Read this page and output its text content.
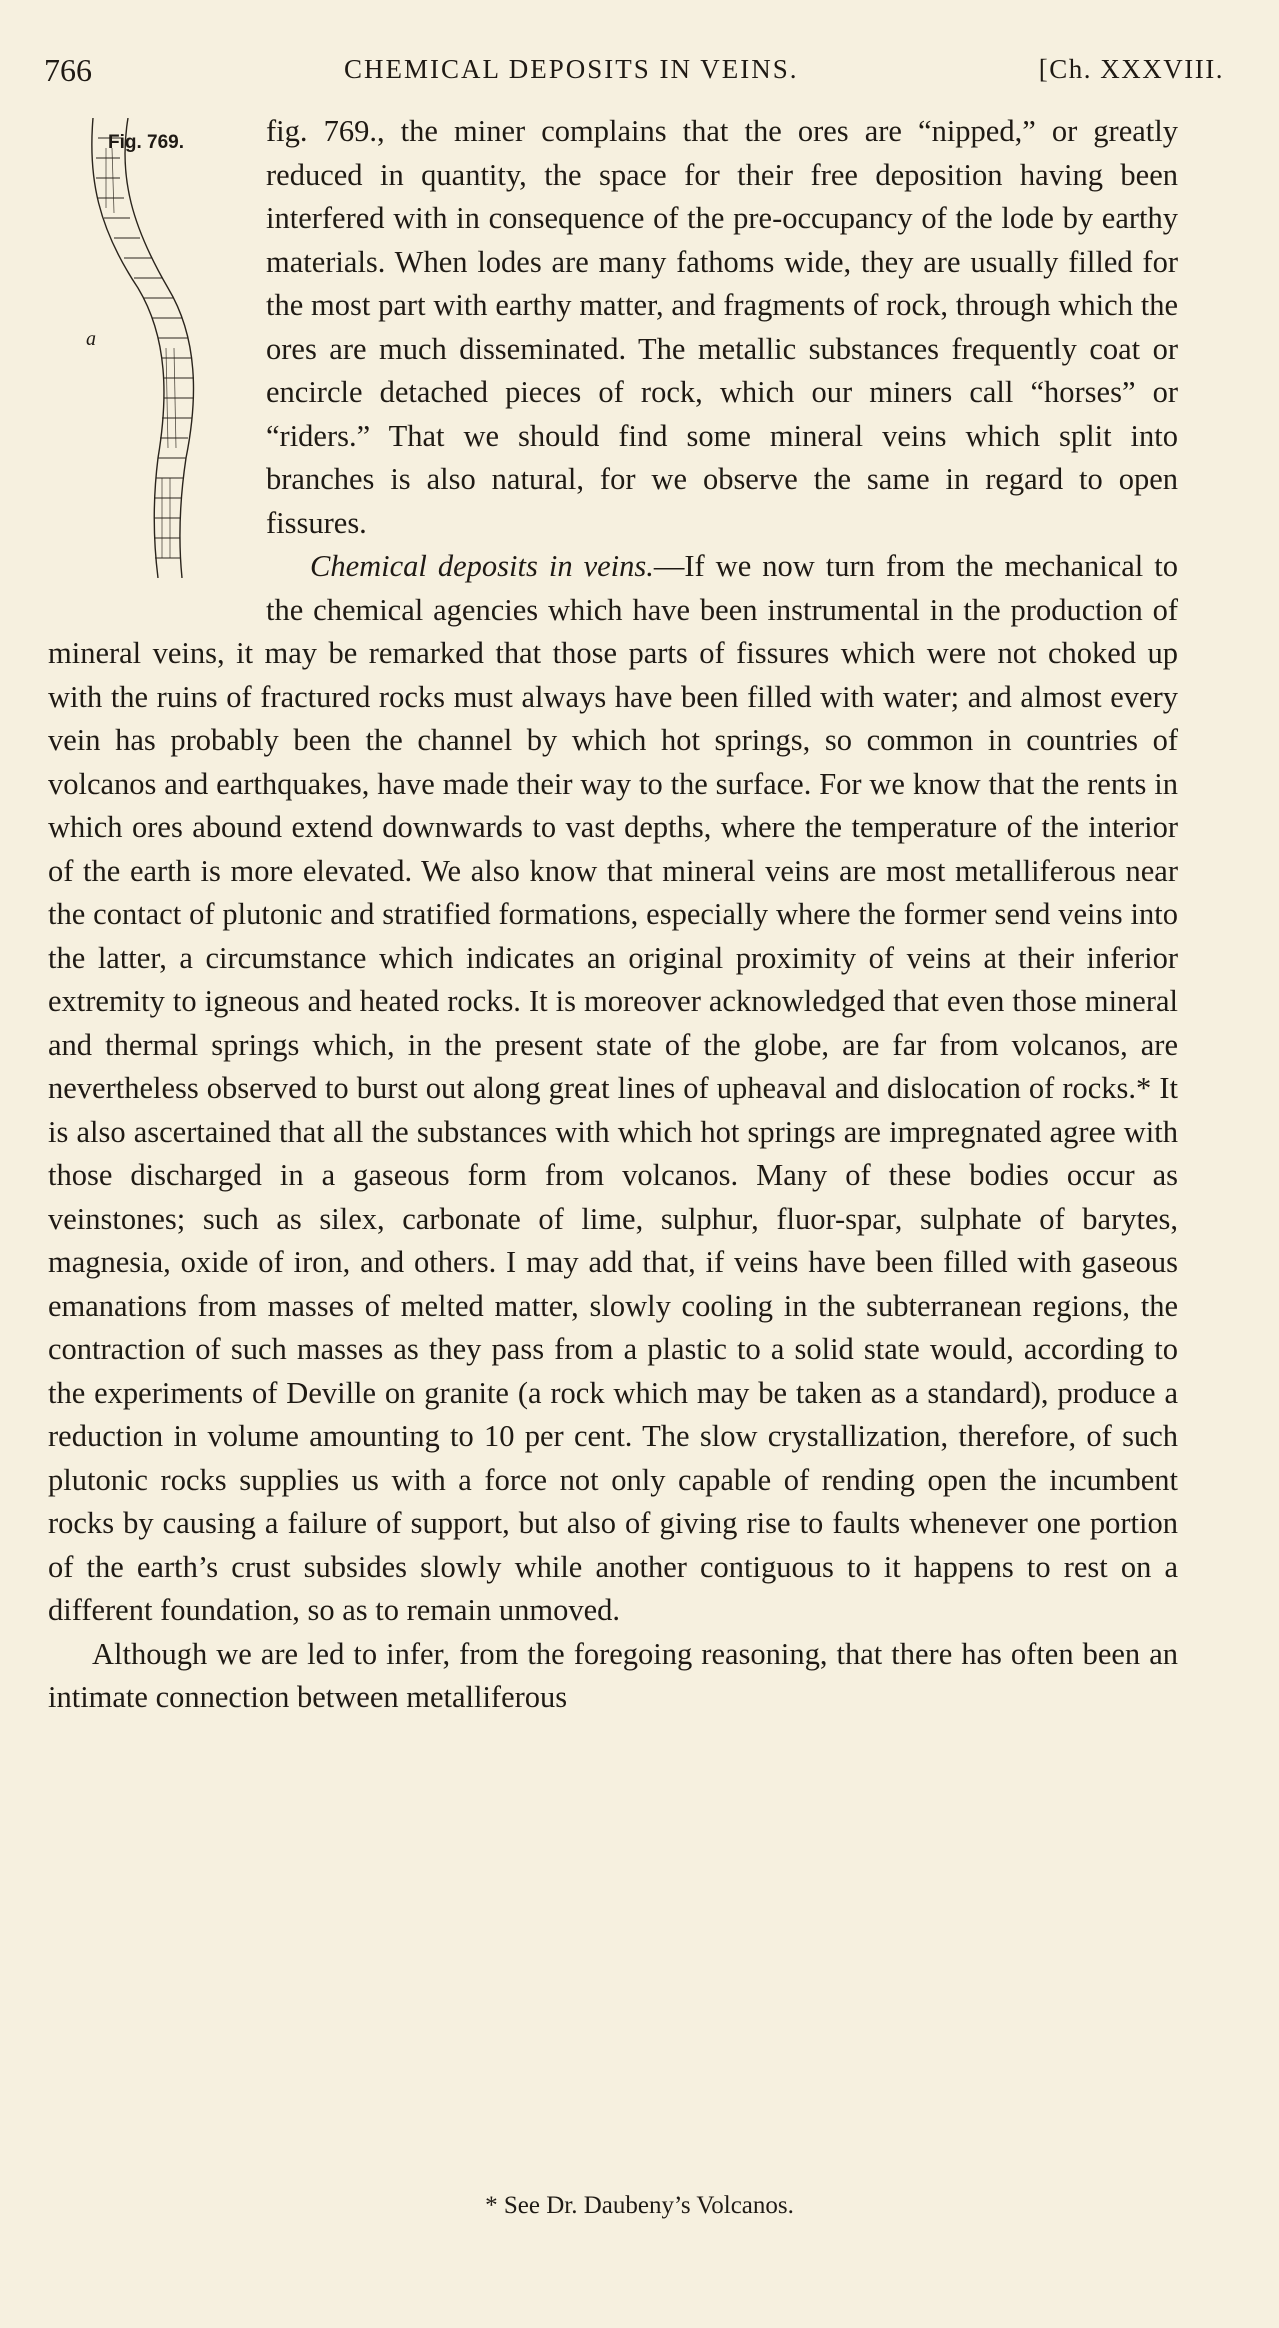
766	CHEMICAL DEPOSITS IN VEINS.	[Ch. XXXVIII.
Fig. 769.
a

fig. 769., the miner complains that the ores are “nipped,” or greatly reduced in quantity, the space for their free deposition having been interfered with in consequence of the pre-occupancy of the lode by earthy materials. When lodes are many fathoms wide, they are usually filled for the most part with earthy matter, and fragments of rock, through which the ores are much disseminated. The metallic substances frequently coat or encircle detached pieces of rock, which our miners call “horses” or “riders.” That we should find some mineral veins which split into branches is also natural, for we observe the same in regard to open fissures.

Chemical deposits in veins.—If we now turn from the mechanical to the chemical agencies which have been instrumental in the production of mineral veins, it may be remarked that those parts of fissures which were not choked up with the ruins of fractured rocks must always have been filled with water; and almost every vein has probably been the channel by which hot springs, so common in countries of volcanos and earthquakes, have made their way to the surface. For we know that the rents in which ores abound extend downwards to vast depths, where the temperature of the interior of the earth is more elevated. We also know that mineral veins are most metalliferous near the contact of plutonic and stratified formations, especially where the former send veins into the latter, a circumstance which indicates an original proximity of veins at their inferior extremity to igneous and heated rocks. It is moreover acknowledged that even those mineral and thermal springs which, in the present state of the globe, are far from volcanos, are nevertheless observed to burst out along great lines of upheaval and dislocation of rocks.* It is also ascertained that all the substances with which hot springs are impregnated agree with those discharged in a gaseous form from volcanos. Many of these bodies occur as veinstones; such as silex, carbonate of lime, sulphur, fluor-spar, sulphate of barytes, magnesia, oxide of iron, and others. I may add that, if veins have been filled with gaseous emanations from masses of melted matter, slowly cooling in the subterranean regions, the contraction of such masses as they pass from a plastic to a solid state would, according to the experiments of Deville on granite (a rock which may be taken as a standard), produce a reduction in volume amounting to 10 per cent. The slow crystallization, therefore, of such plutonic rocks supplies us with a force not only capable of rending open the incumbent rocks by causing a failure of support, but also of giving rise to faults whenever one portion of the earth’s crust subsides slowly while another contiguous to it happens to rest on a different foundation, so as to remain unmoved.

Although we are led to infer, from the foregoing reasoning, that there has often been an intimate connection between metalliferous

* See Dr. Daubeny’s Volcanos.
